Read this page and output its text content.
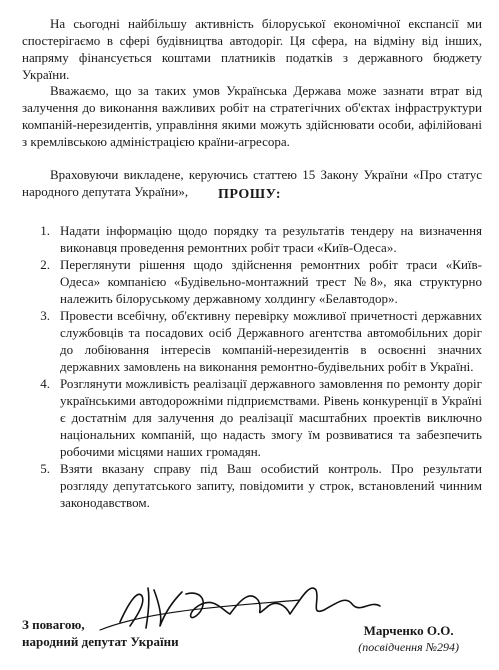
На сьогодні найбільшу активність білоруської економічної експансії ми спостерігаємо в сфері будівництва автодоріг. Ця сфера, на відміну від інших, напряму фінансується коштами платників податків з державного бюджету України.

Вважаємо, що за таких умов Українська Держава може зазнати втрат від залучення до виконання важливих робіт на стратегічних об'єктах інфраструктури компаній-нерезидентів, управління якими можуть здійснювати особи, афілійовані з кремлівською адміністрацією країни-агресора.

Враховуючи викладене, керуючись статтею 15 Закону України «Про статус народного депутата України»,	ПРОШУ:
1. Надати інформацію щодо порядку та результатів тендеру на визначення виконавця проведення ремонтних робіт траси «Київ-Одеса».
2. Переглянути рішення щодо здійснення ремонтних робіт траси «Київ-Одеса» компанією «Будівельно-монтажний трест №8», яка структурно належить білоруському державному холдингу «Белавтодор».
3. Провести всебічну, об'єктивну перевірку можливої причетності державних службовців та посадових осіб Державного агентства автомобільних доріг до лобіювання інтересів компаній-нерезидентів в освоєнні значних державних замовлень на виконання ремонтно-будівельних робіт в Україні.
4. Розглянути можливість реалізації державного замовлення по ремонту доріг українськими автодорожніми підприємствами. Рівень конкуренції в Україні є достатнім для залучення до реалізації масштабних проектів виключно національних компаній, що надасть змогу їм розвиватися та забезпечить робочими місцями наших громадян.
5. Взяти вказану справу під Ваш особистий контроль. Про результати розгляду депутатського запиту, повідомити у строк, встановлений чинним законодавством.
З повагою,
народний депутат України
Марченко О.О.
(посвідчення №294)
